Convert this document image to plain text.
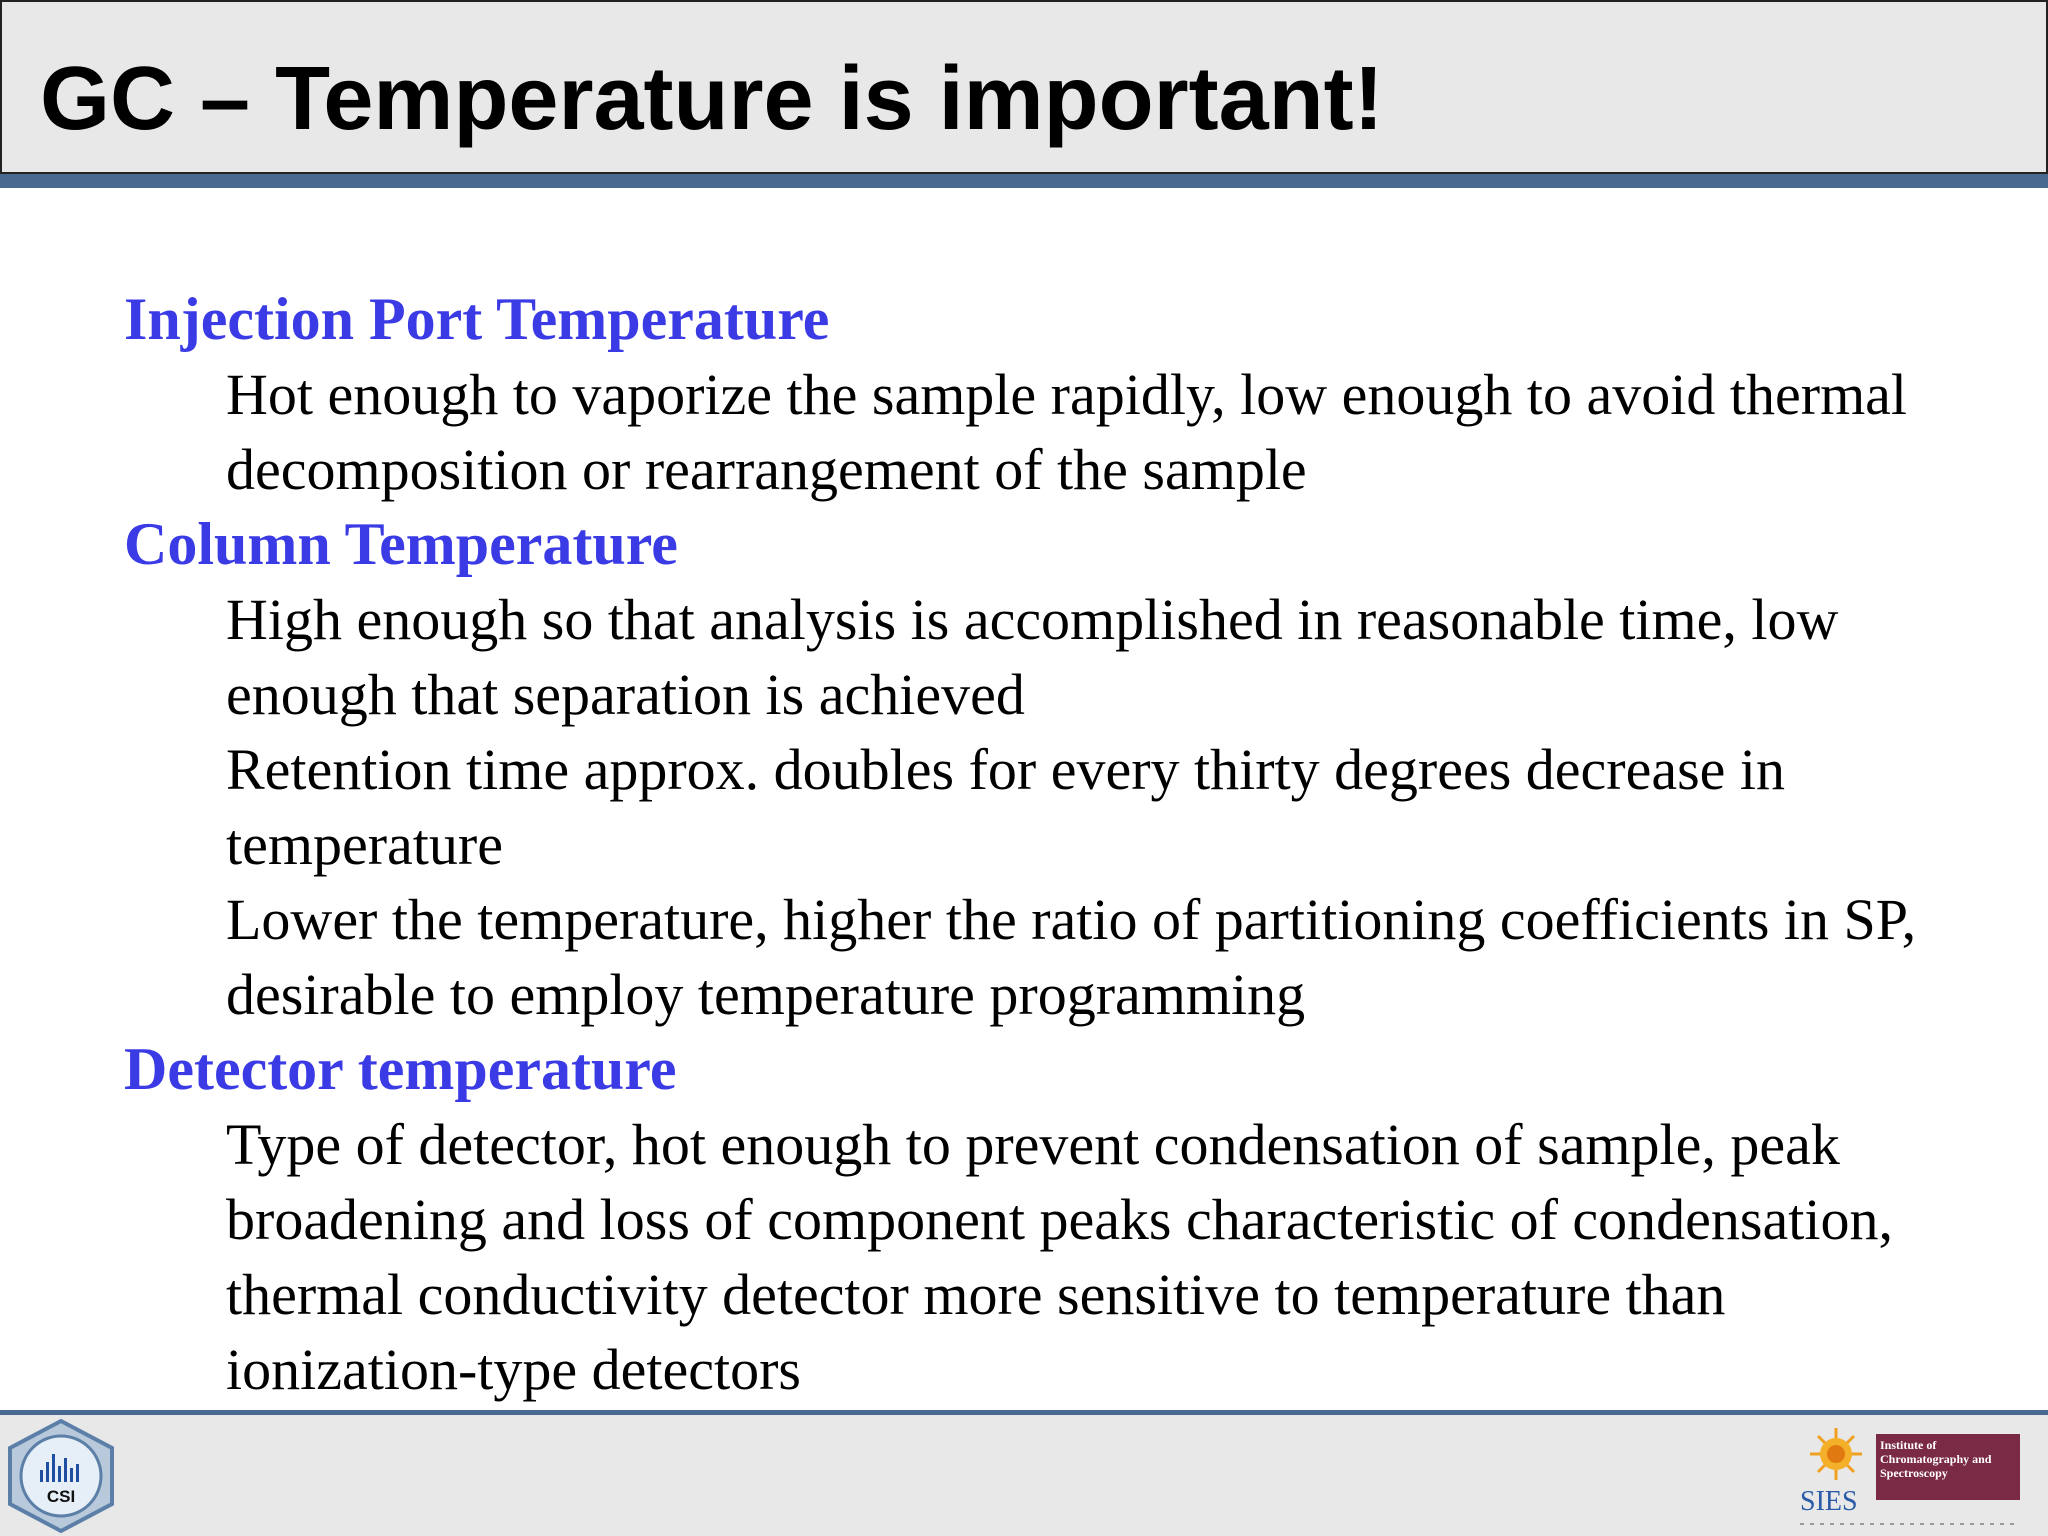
GC – Temperature is important!
Injection Port Temperature

Hot enough to vaporize the sample rapidly, low enough to avoid thermal decomposition or rearrangement of the sample

Column Temperature

High enough so that analysis is accomplished in reasonable time, low enough that separation is achieved

Retention time approx. doubles for every thirty degrees decrease in temperature

Lower the temperature, higher the ratio of partitioning coefficients in SP, desirable to employ temperature programming

Detector temperature

Type of detector, hot enough to prevent condensation of sample, peak broadening and loss of component peaks characteristic of condensation, thermal conductivity detector more sensitive to temperature than ionization-type detectors

CSI	SIES
Institute of Chromatography and Spectroscopy
